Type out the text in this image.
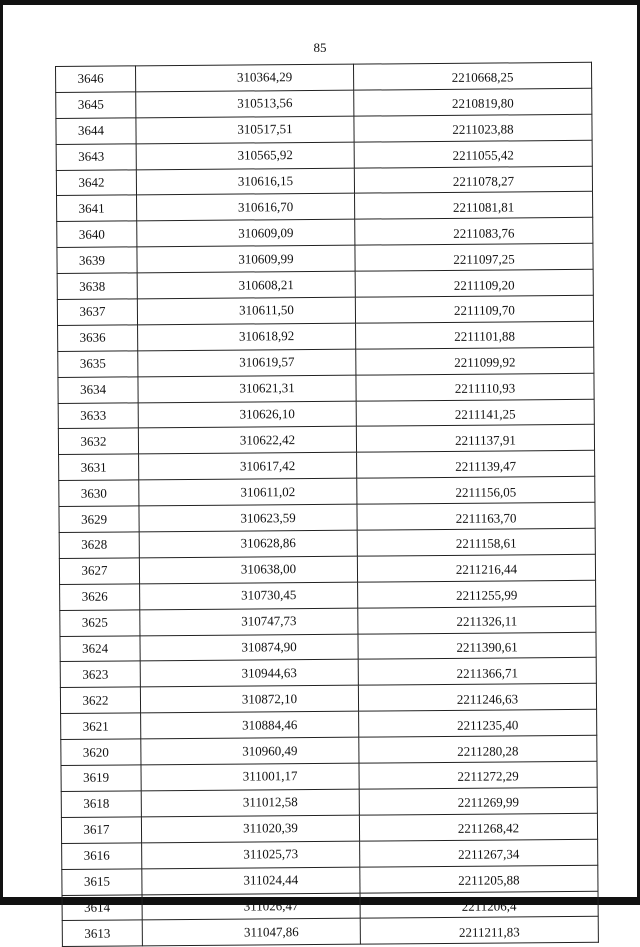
85
3646	310364,29	2210668,25
3645	310513,56	2210819,80
3644	310517,51	2211023,88
3643	310565,92	2211055,42
3642	310616,15	2211078,27
3641	310616,70	2211081,81
3640	310609,09	2211083,76
3639	310609,99	2211097,25
3638	310608,21	2211109,20
3637	310611,50	2211109,70
3636	310618,92	2211101,88
3635	310619,57	2211099,92
3634	310621,31	2211110,93
3633	310626,10	2211141,25
3632	310622,42	2211137,91
3631	310617,42	2211139,47
3630	310611,02	2211156,05
3629	310623,59	2211163,70
3628	310628,86	2211158,61
3627	310638,00	2211216,44
3626	310730,45	2211255,99
3625	310747,73	2211326,11
3624	310874,90	2211390,61
3623	310944,63	2211366,71
3622	310872,10	2211246,63
3621	310884,46	2211235,40
3620	310960,49	2211280,28
3619	311001,17	2211272,29
3618	311012,58	2211269,99
3617	311020,39	2211268,42
3616	311025,73	2211267,34
3615	311024,44	2211205,88
3614	311026,47	2211206,4
3613	311047,86	2211211,83
